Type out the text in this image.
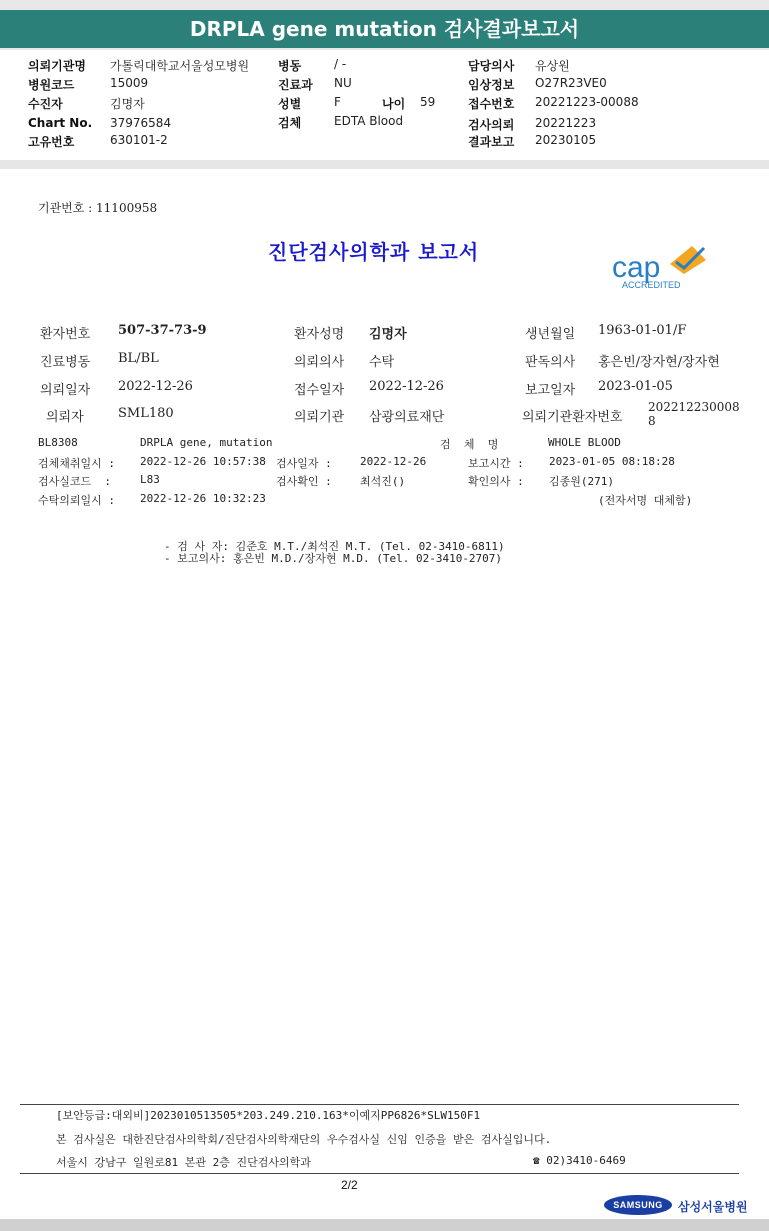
DRPLA gene mutation 검사결과보고서
의뢰기관명 가톨릭대학교서울성모병원 병동	/ -	담당의사 유상원
병원코드	15009	진료과 NU	임상정보 O27R23VE0
수진자	김명자	성별	F	나이 59	접수번호 20221223-00088
Chart No. 37976584	검체	EDTA Blood	검사의뢰 20221223
고유번호	630101-2	결과보고 20230105
기관번호 : 11100958
진단검사의학과 보고서	cap
ACCREDITED
환자번호 507-37-73-9	환자성명 김명자	생년월일 1963-01-01/F
진료병동 BL/BL	의뢰의사 수탁	판독의사 홍은빈/장자현/장자현
의뢰일자 2022-12-26	접수일자 2022-12-26	보고일자 2023-01-05
의뢰자	SML180	의뢰기관 삼광의료재단	의뢰기관환자번호
202212230008
8
BL8308	DRPLA gene, mutation	검  체  명	WHOLE BLOOD
검체채취일시 : 2022-12-26 10:57:38 검사일자 :	2022-12-26	보고시간 : 2023-01-05 08:18:28
검사실코드  :	L83	검사확인 :	최석진()	확인의사 : 김종원(271)
수탁의뢰일시 : 2022-12-26 10:32:23	(전자서명 대체함)
- 검 사 자: 김준호 M.T./최석진 M.T. (Tel. 02-3410-6811)
- 보고의사: 홍은빈 M.D./장자현 M.D. (Tel. 02-3410-2707)
[보안등급:대외비]2023010513505*203.249.210.163*이예지PP6826*SLW150F1
본 검사실은 대한진단검사의학회/진단검사의학재단의 우수검사실 신임 인증을 받은 검사실입니다.
서울시 강남구 일원로81 본관 2층 진단검사의학과	☎ 02)3410-6469
2/2
SAMSUNG	삼성서울병원
